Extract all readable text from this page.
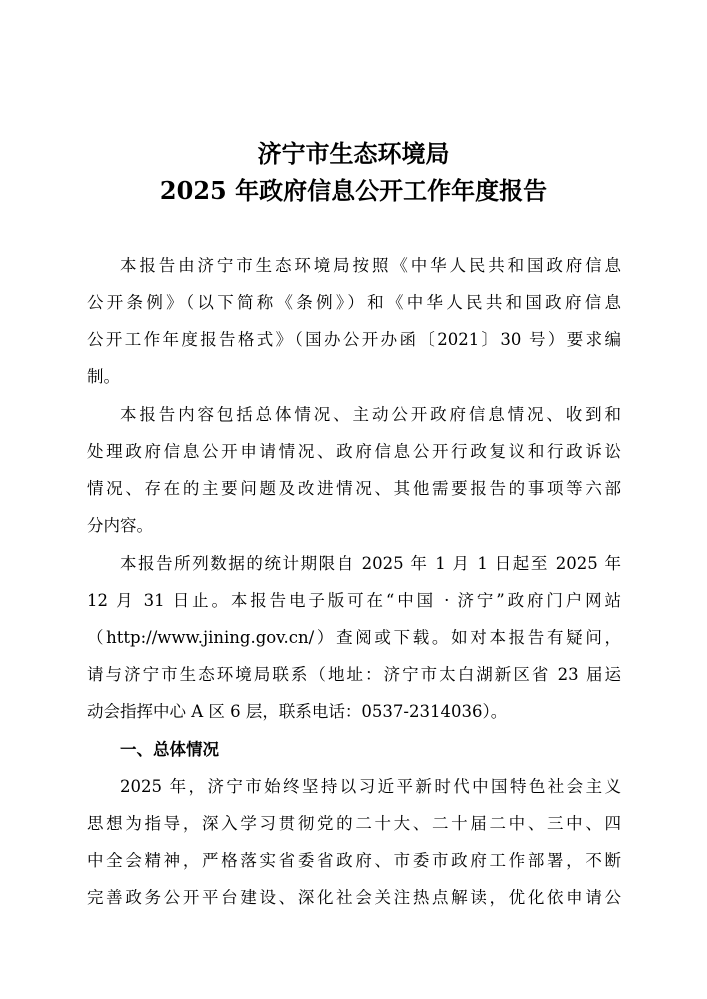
济宁市生态环境局
2025 年政府信息公开工作年度报告
本报告由济宁市生态环境局按照《中华人民共和国政府信息
公开条例》（以下简称《条例》）和《中华人民共和国政府信息
公开工作年度报告格式》（国办公开办函〔2021〕30 号）要求编
制。
本报告内容包括总体情况、主动公开政府信息情况、收到和
处理政府信息公开申请情况、政府信息公开行政复议和行政诉讼
情况、存在的主要问题及改进情况、其他需要报告的事项等六部
分内容。
本报告所列数据的统计期限自 2025 年 1 月 1 日起至 2025 年
12 月 31 日止。本报告电子版可在“中国 · 济宁”政府门户网站
（http://www.jining.gov.cn/）查阅或下载。如对本报告有疑问，
请与济宁市生态环境局联系（地址：济宁市太白湖新区省 23 届运
动会指挥中心 A 区 6 层，联系电话：0537-2314036）。
一、总体情况
2025 年，济宁市始终坚持以习近平新时代中国特色社会主义
思想为指导，深入学习贯彻党的二十大、二十届二中、三中、四
中全会精神，严格落实省委省政府、市委市政府工作部署，不断
完善政务公开平台建设、深化社会关注热点解读，优化依申请公
